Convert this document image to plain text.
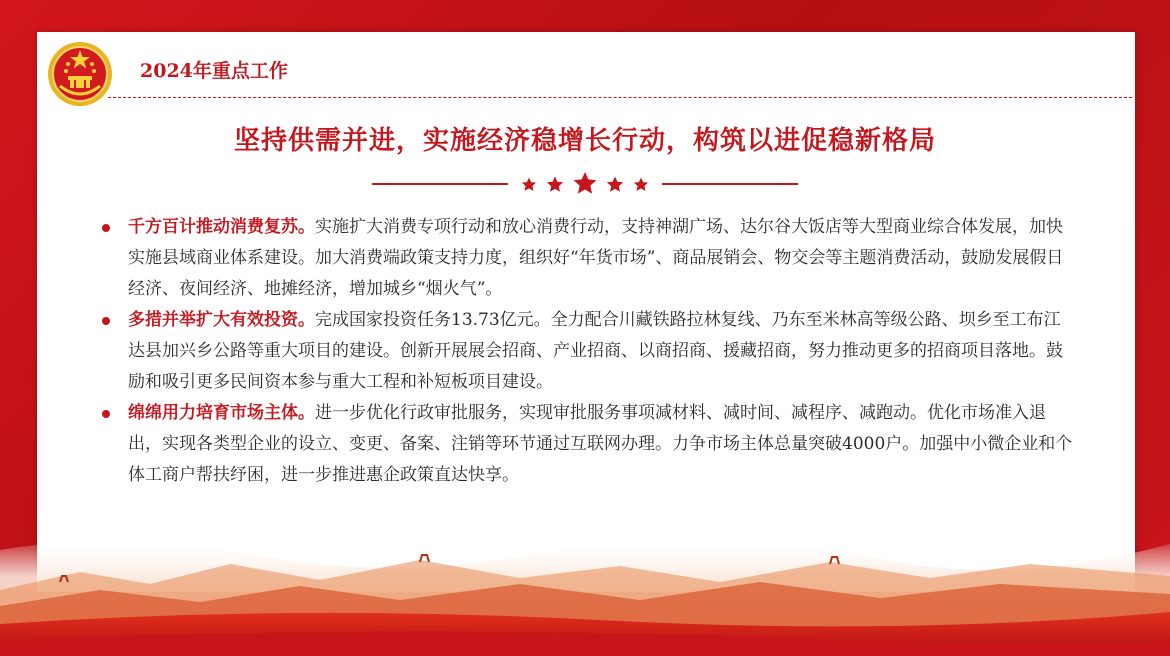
2024年重点工作
坚持供需并进，实施经济稳增长行动，构筑以进促稳新格局
千方百计推动消费复苏。实施扩大消费专项行动和放心消费行动，支持神湖广场、达尔谷大饭店等大型商业综合体发展，加快实施县域商业体系建设。加大消费端政策支持力度，组织好“年货市场”、商品展销会、物交会等主题消费活动，鼓励发展假日经济、夜间经济、地摊经济，增加城乡“烟火气”。
多措并举扩大有效投资。完成国家投资任务13.73亿元。全力配合川藏铁路拉林复线、乃东至米林高等级公路、坝乡至工布江达县加兴乡公路等重大项目的建设。创新开展展会招商、产业招商、以商招商、援藏招商，努力推动更多的招商项目落地。鼓励和吸引更多民间资本参与重大工程和补短板项目建设。
绵绵用力培育市场主体。进一步优化行政审批服务，实现审批服务事项减材料、减时间、减程序、减跑动。优化市场准入退出，实现各类型企业的设立、变更、备案、注销等环节通过互联网办理。力争市场主体总量突破4000户。加强中小微企业和个体工商户帮扶纾困，进一步推进惠企政策直达快享。
